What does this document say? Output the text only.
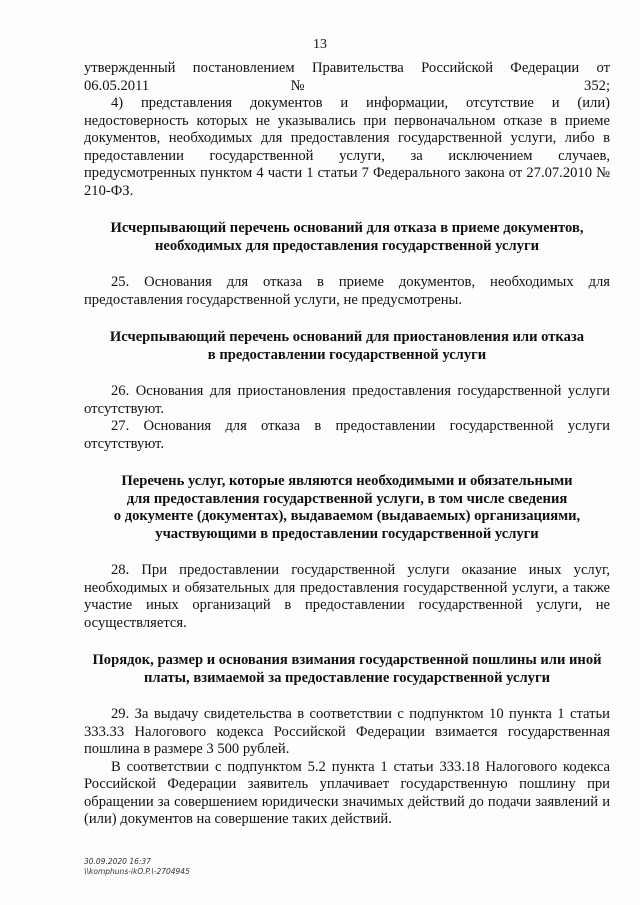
13

утвержденный постановлением Правительства Российской Федерации от 06.05.2011 № 352;

4) представления документов и информации, отсутствие и (или) недостоверность которых не указывались при первоначальном отказе в приеме документов, необходимых для предоставления государственной услуги, либо в предоставлении государственной услуги, за исключением случаев, предусмотренных пунктом 4 части 1 статьи 7 Федерального закона от 27.07.2010 № 210-ФЗ.

Исчерпывающий перечень оснований для отказа в приеме документов,
необходимых для предоставления государственной услуги

25. Основания для отказа в приеме документов, необходимых для предоставления государственной услуги, не предусмотрены.

Исчерпывающий перечень оснований для приостановления или отказа
в предоставлении государственной услуги

26. Основания для приостановления предоставления государственной услуги отсутствуют.

27. Основания для отказа в предоставлении государственной услуги отсутствуют.

Перечень услуг, которые являются необходимыми и обязательными
для предоставления государственной услуги, в том числе сведения
о документе (документах), выдаваемом (выдаваемых) организациями,
участвующими в предоставлении государственной услуги

28. При предоставлении государственной услуги оказание иных услуг, необходимых и обязательных для предоставления государственной услуги, а также участие иных организаций в предоставлении государственной услуги, не осуществляется.

Порядок, размер и основания взимания государственной пошлины или иной
платы, взимаемой за предоставление государственной услуги

29. За выдачу свидетельства в соответствии с подпунктом 10 пункта 1 статьи 333.33 Налогового кодекса Российской Федерации взимается государственная пошлина в размере 3 500 рублей.

В соответствии с подпунктом 5.2 пункта 1 статьи 333.18 Налогового кодекса Российской Федерации заявитель уплачивает государственную пошлину при обращении за совершением юридически значимых действий до подачи заявлений и (или) документов на совершение таких действий.

30.09.2020 16:37
\\komphuns-ikO.P.\-2704945
